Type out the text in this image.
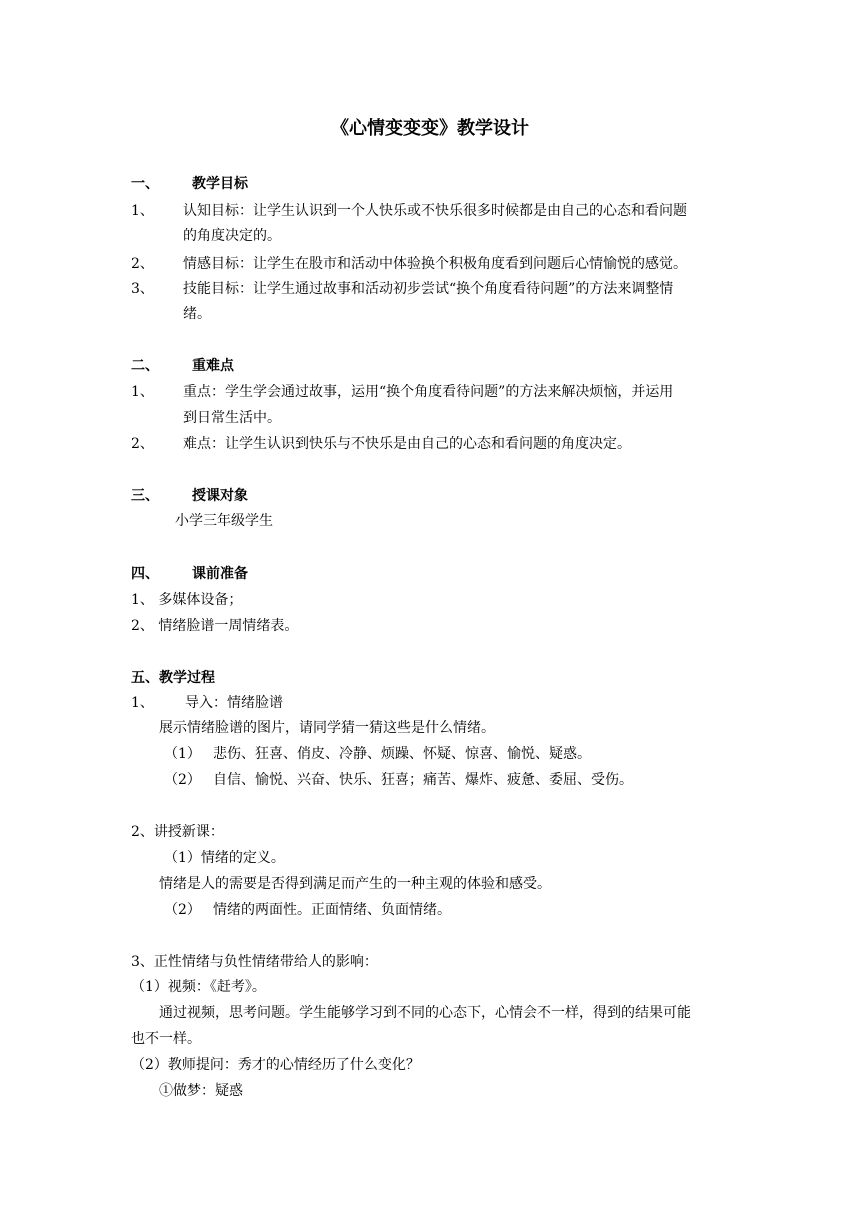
《心情变变变》教学设计
一、 教学目标
1、 认知目标：让学生认识到一个人快乐或不快乐很多时候都是由自己的心态和看问题
的角度决定的。
2、 情感目标：让学生在股市和活动中体验换个积极角度看到问题后心情愉悦的感觉。
3、 技能目标：让学生通过故事和活动初步尝试“换个角度看待问题”的方法来调整情
绪。
二、 重难点
1、 重点：学生学会通过故事，运用“换个角度看待问题”的方法来解决烦恼，并运用
到日常生活中。
2、 难点：让学生认识到快乐与不快乐是由自己的心态和看问题的角度决定。
三、 授课对象
小学三年级学生
四、 课前准备
1、 多媒体设备；
2、 情绪脸谱一周情绪表。
五、教学过程
1、 导入：情绪脸谱
展示情绪脸谱的图片，请同学猜一猜这些是什么情绪。
（1） 悲伤、狂喜、俏皮、冷静、烦躁、怀疑、惊喜、愉悦、疑惑。
（2） 自信、愉悦、兴奋、快乐、狂喜；痛苦、爆炸、疲惫、委屈、受伤。
2、讲授新课：
（1）情绪的定义。
情绪是人的需要是否得到满足而产生的一种主观的体验和感受。
（2） 情绪的两面性。正面情绪、负面情绪。
3、正性情绪与负性情绪带给人的影响：
（1）视频：《赶考》。
通过视频，思考问题。学生能够学习到不同的心态下，心情会不一样，得到的结果可能
也不一样。
（2）教师提问：秀才的心情经历了什么变化？
①做梦：疑惑
